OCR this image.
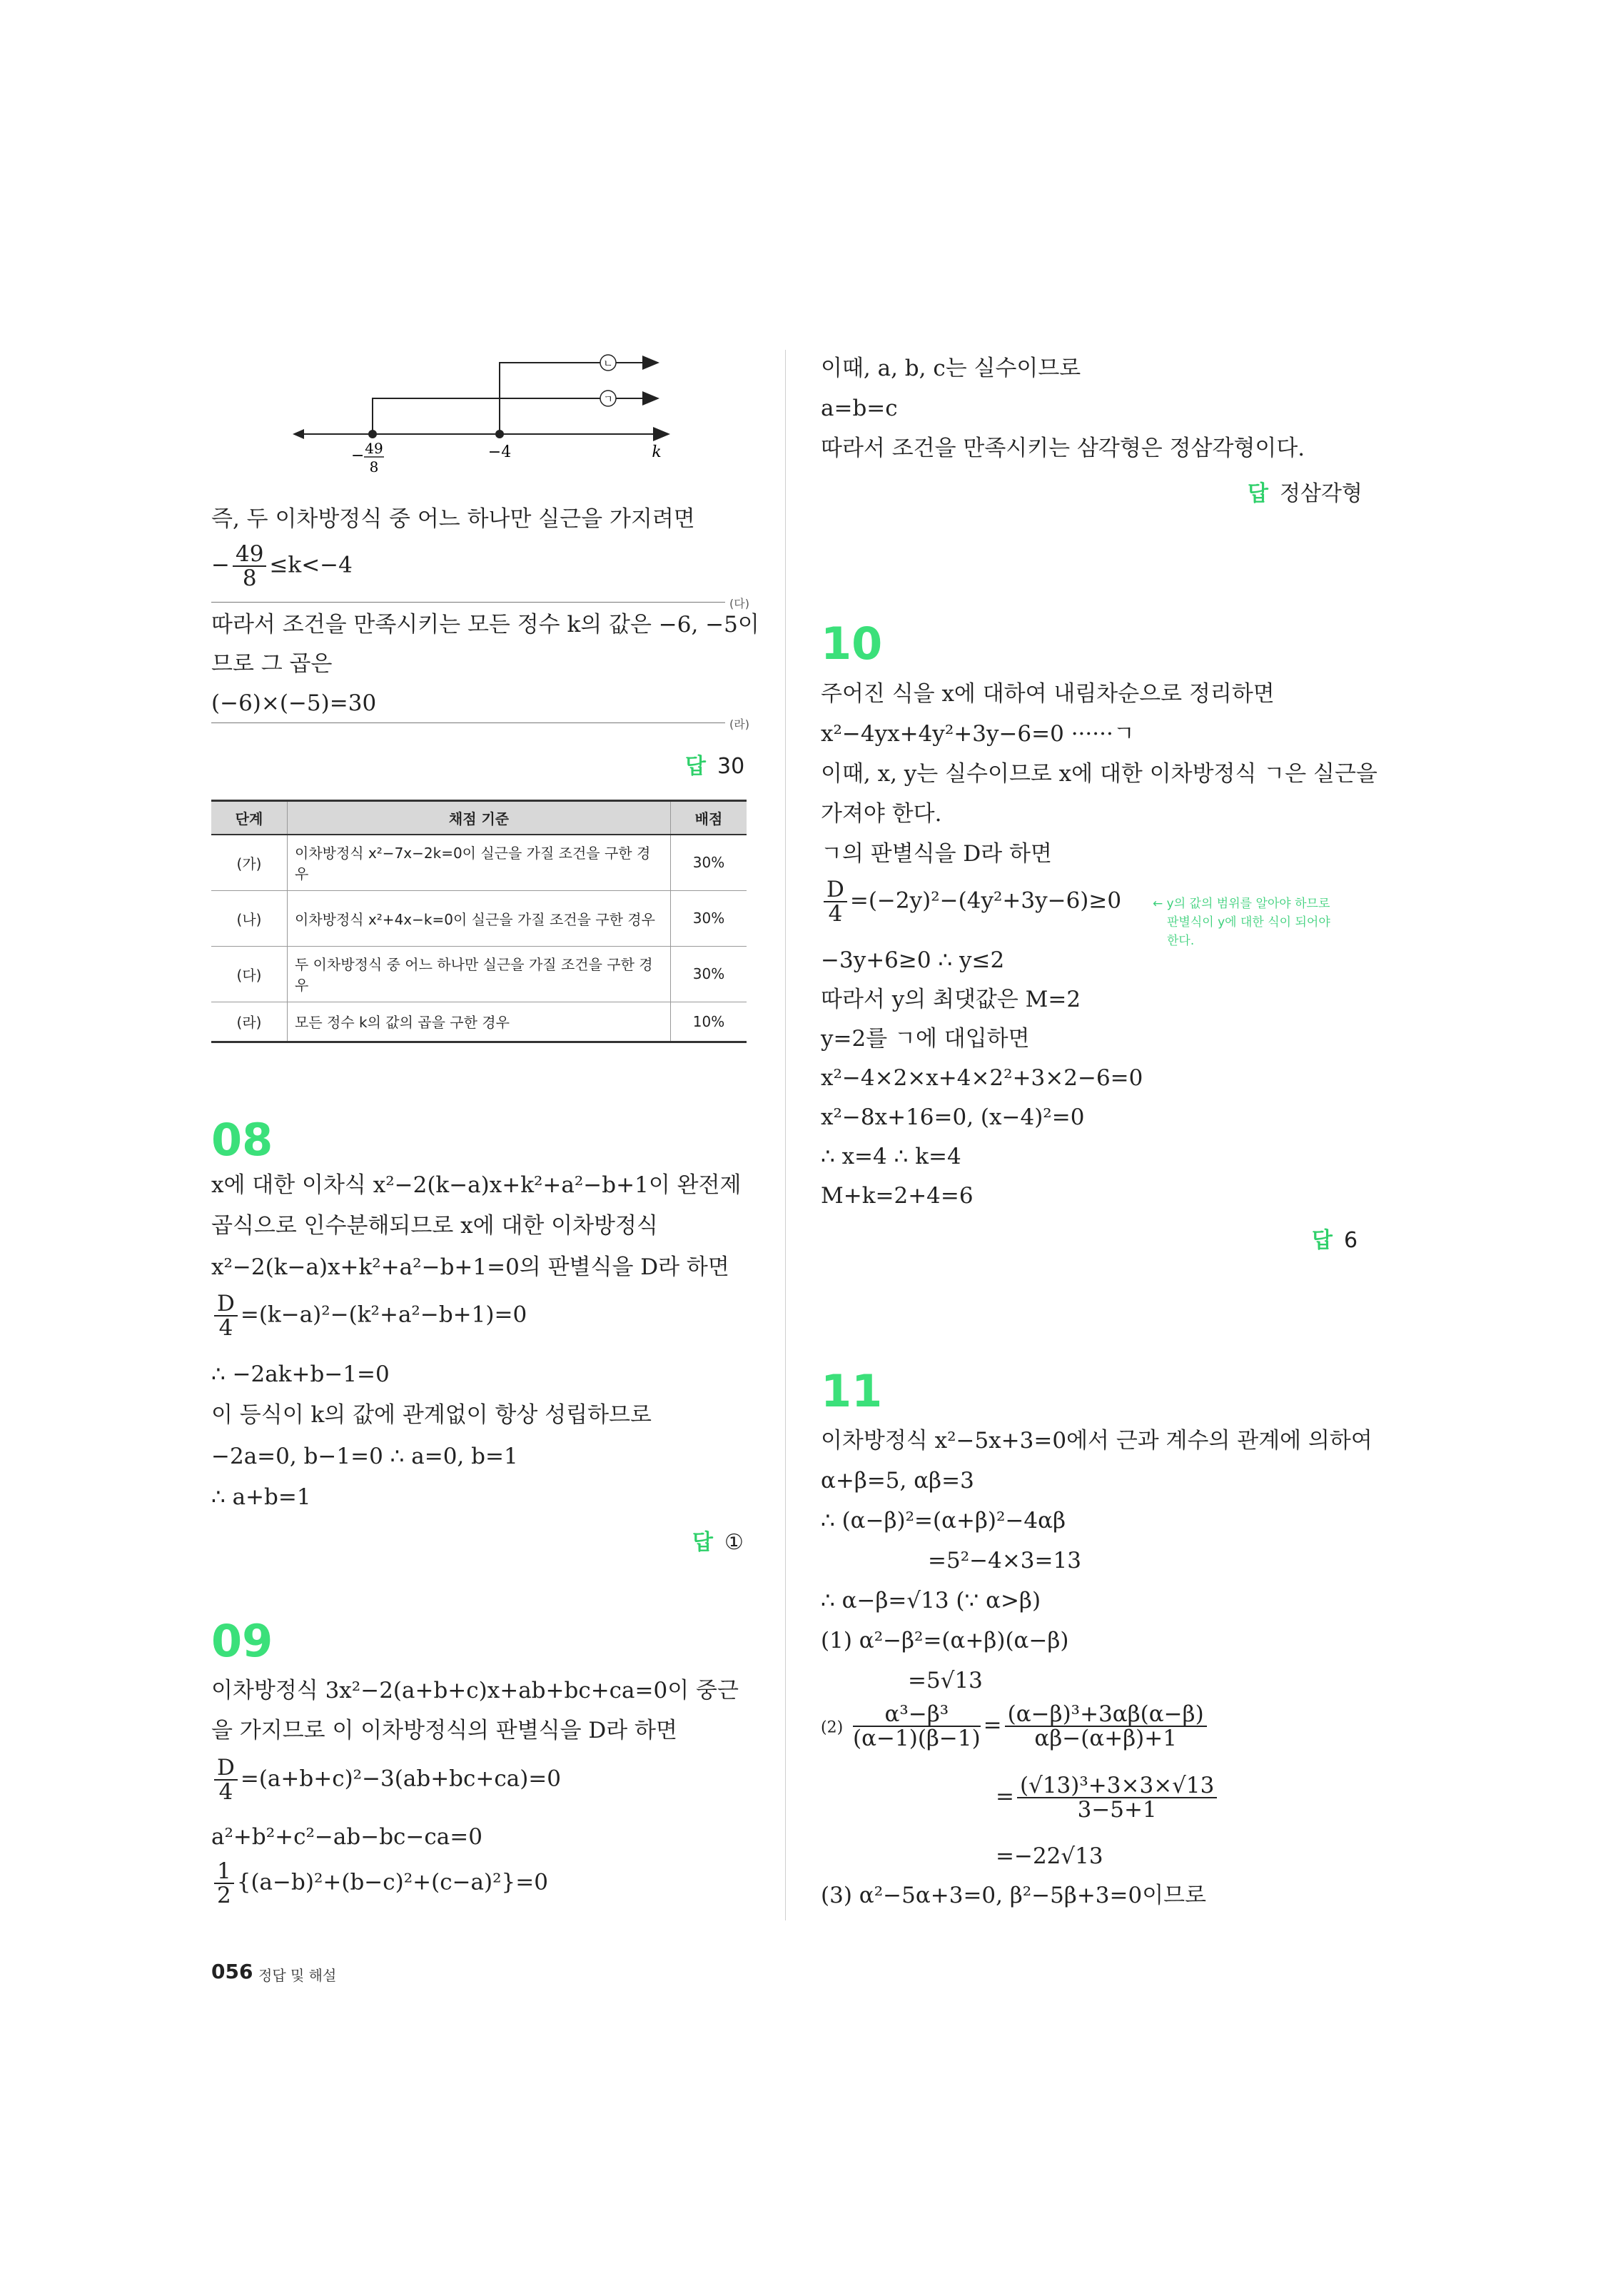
ㄴ
ㄱ
− 49
8
−4	k
즉, 두 이차방정식 중 어느 하나만 실근을 가지려면
− $\frac{49}{8} \le k<-4$
(다)
따라서 조건을 만족시키는 모든 정수 k의 값은 −6, −5이
므로 그 곱은
(−6)×(−5)=30
(라)
답 30
단계	채점 기준	배점
(가)	이차방정식 x²−7x−2k=0이 실근을 가질 조건을 구한 경우	30%
(나)	이차방정식 x²+4x−k=0이 실근을 가질 조건을 구한 경우	30%
(다)	두 이차방정식 중 어느 하나만 실근을 가질 조건을 구한 경우	30%
(라)	모든 정수 k의 값의 곱을 구한 경우	10%
08
x에 대한 이차식 x²−2(k−a)x+k²+a²−b+1이 완전제
곱식으로 인수분해되므로 x에 대한 이차방정식
x²−2(k−a)x+k²+a²−b+1=0의 판별식을 D라 하면
$\frac{D}{4} =(k-a)^2-(k^2+a^2-b+1)=0$
∴ −2ak+b−1=0
이 등식이 k의 값에 관계없이 항상 성립하므로
−2a=0, b−1=0 ∴ a=0, b=1
∴ a+b=1
답 ①
09
이차방정식 3x²−2(a+b+c)x+ab+bc+ca=0이 중근
을 가지므로 이 이차방정식의 판별식을 D라 하면
$\frac{D}{4} =(a+b+c)^2-3(ab+bc+ca)=0$
a²+b²+c²−ab−bc−ca=0
$\frac{1}{2} \{(a-b)^2+(b-c)^2+(c-a)^2\}=0$
이때, a, b, c는 실수이므로
a=b=c
따라서 조건을 만족시키는 삼각형은 정삼각형이다.
답 정삼각형
10
주어진 식을 x에 대하여 내림차순으로 정리하면
x²−4yx+4y²+3y−6=0 ······ㄱ
이때, x, y는 실수이므로 x에 대한 이차방정식 ㄱ은 실근을
가져야 한다.
ㄱ의 판별식을 D라 하면
$\frac{D}{4} =(-2y)^2-(4y^2+3y-6)\ge 0$	← y의 값의 범위를 알아야 하므로
판별식이 y에 대한 식이 되어야
한다.
−3y+6≥0 ∴ y≤2
따라서 y의 최댓값은 M=2
y=2를 ㄱ에 대입하면
x²−4×2×x+4×2²+3×2−6=0
x²−8x+16=0, (x−4)²=0
∴ x=4 ∴ k=4
M+k=2+4=6
답 6
11
이차방정식 x²−5x+3=0에서 근과 계수의 관계에 의하여
α+β=5, αβ=3
∴ (α−β)²=(α+β)²−4αβ
=5²−4×3=13
∴ α−β=√13 (∵ α>β)
(1) α²−β²=(α+β)(α−β)
=5√13
$(2) \frac{\text{α³−β³}}{(\alpha-1)(\beta-1)} = \frac{\text{(α−β)³+3αβ(α−β)}}{\alpha\beta-(\alpha+\beta)+1}$
= $\frac{\text{(√13)³+3×3×√13}}{3-5+1}$
=−22√13
(3) α²−5α+3=0, β²−5β+3=0이므로
056 정답 및 해설
